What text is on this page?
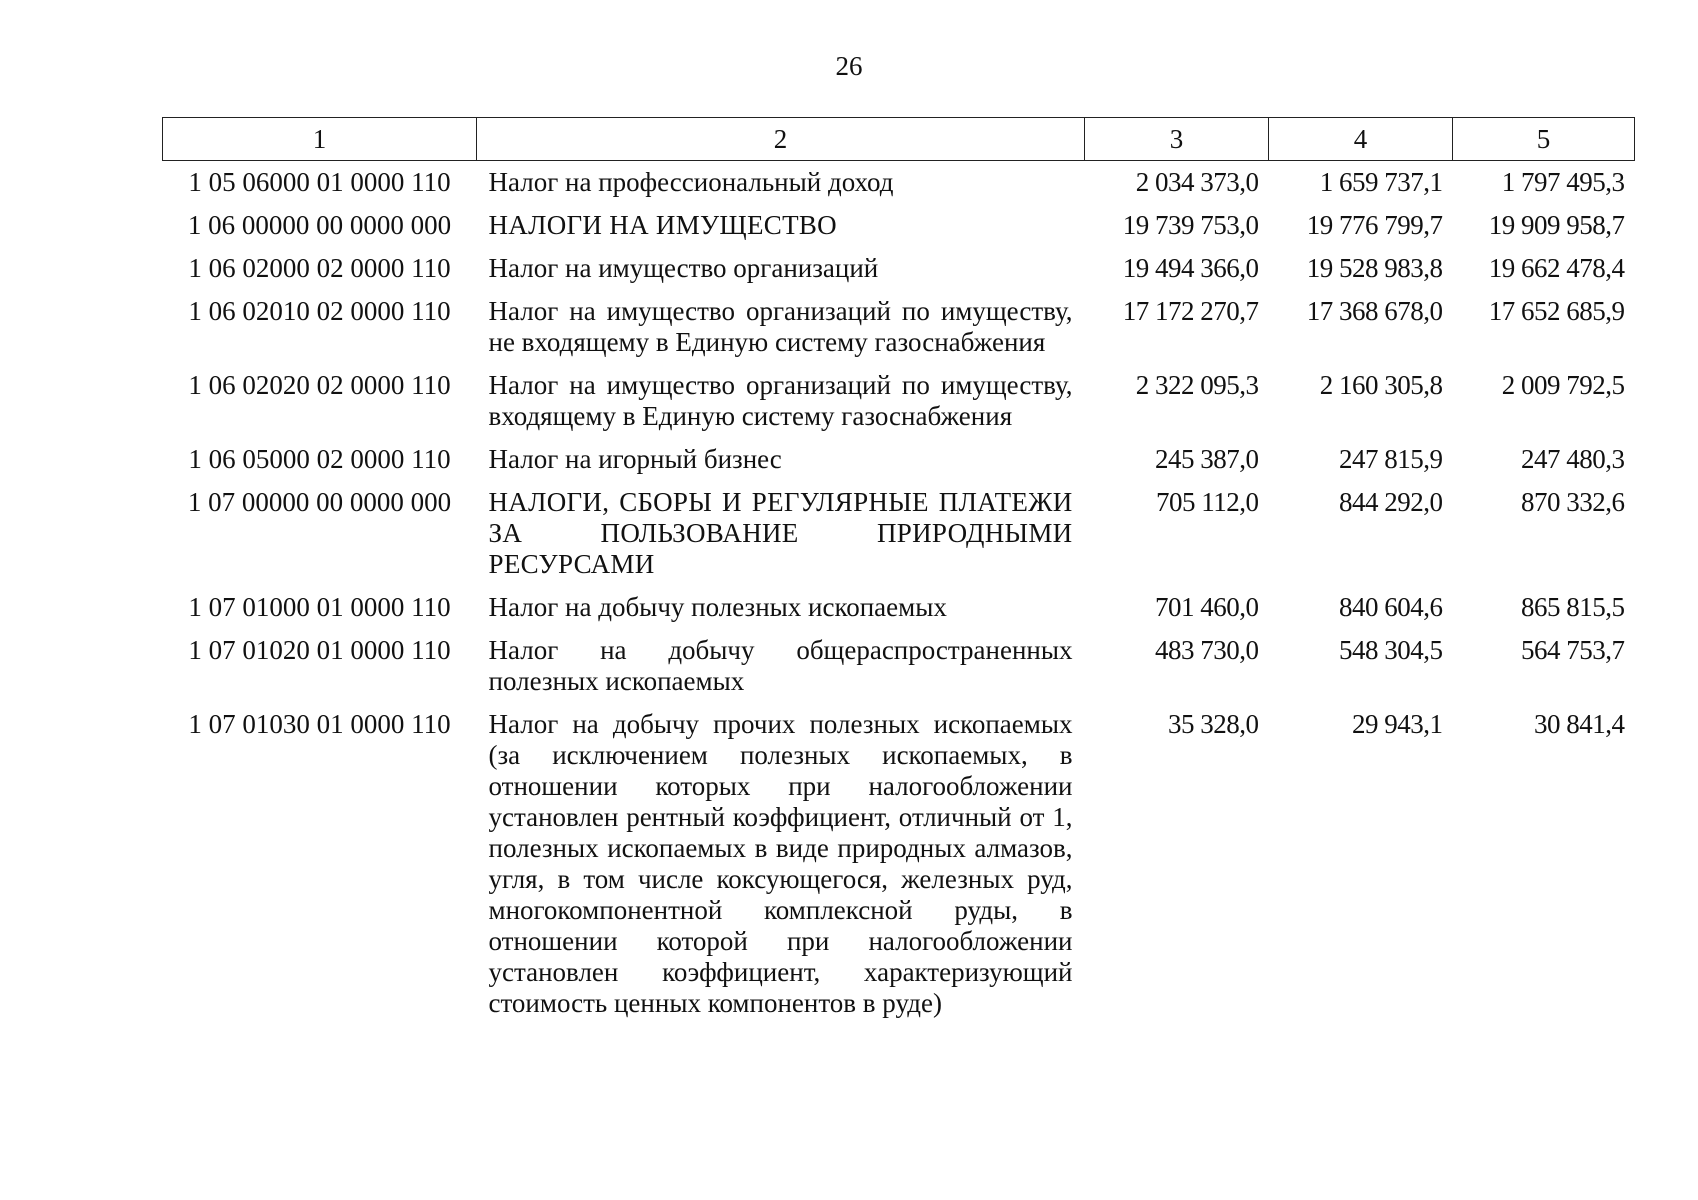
26
1	2	3	4	5
1 05 06000 01 0000 110	Налог на профессиональный доход	2 034 373,0	1 659 737,1	1 797 495,3
1 06 00000 00 0000 000	НАЛОГИ НА ИМУЩЕСТВО	19 739 753,0	19 776 799,7	19 909 958,7
1 06 02000 02 0000 110	Налог на имущество организаций	19 494 366,0	19 528 983,8	19 662 478,4
1 06 02010 02 0000 110	Налог на имущество организаций по имуществу, не входящему в Единую систему газоснабжения	17 172 270,7	17 368 678,0	17 652 685,9
1 06 02020 02 0000 110	Налог на имущество организаций по имуществу, входящему в Единую систему газоснабжения	2 322 095,3	2 160 305,8	2 009 792,5
1 06 05000 02 0000 110	Налог на игорный бизнес	245 387,0	247 815,9	247 480,3
1 07 00000 00 0000 000	НАЛОГИ, СБОРЫ И РЕГУЛЯРНЫЕ ПЛАТЕЖИ ЗА ПОЛЬЗОВАНИЕ ПРИРОДНЫМИ РЕСУРСАМИ	705 112,0	844 292,0	870 332,6
1 07 01000 01 0000 110	Налог на добычу полезных ископаемых	701 460,0	840 604,6	865 815,5
1 07 01020 01 0000 110	Налог на добычу общераспространенных полезных ископаемых	483 730,0	548 304,5	564 753,7
1 07 01030 01 0000 110	Налог на добычу прочих полезных ископаемых (за исключением полезных ископаемых, в отношении которых при налогообложении установлен рентный коэффициент, отличный от 1, полезных ископаемых в виде природных алмазов, угля, в том числе коксующегося, железных руд, многокомпонентной комплексной руды, в отношении которой при налогообложении установлен коэффициент, характеризующий стоимость ценных компонентов в руде)	35 328,0	29 943,1	30 841,4
